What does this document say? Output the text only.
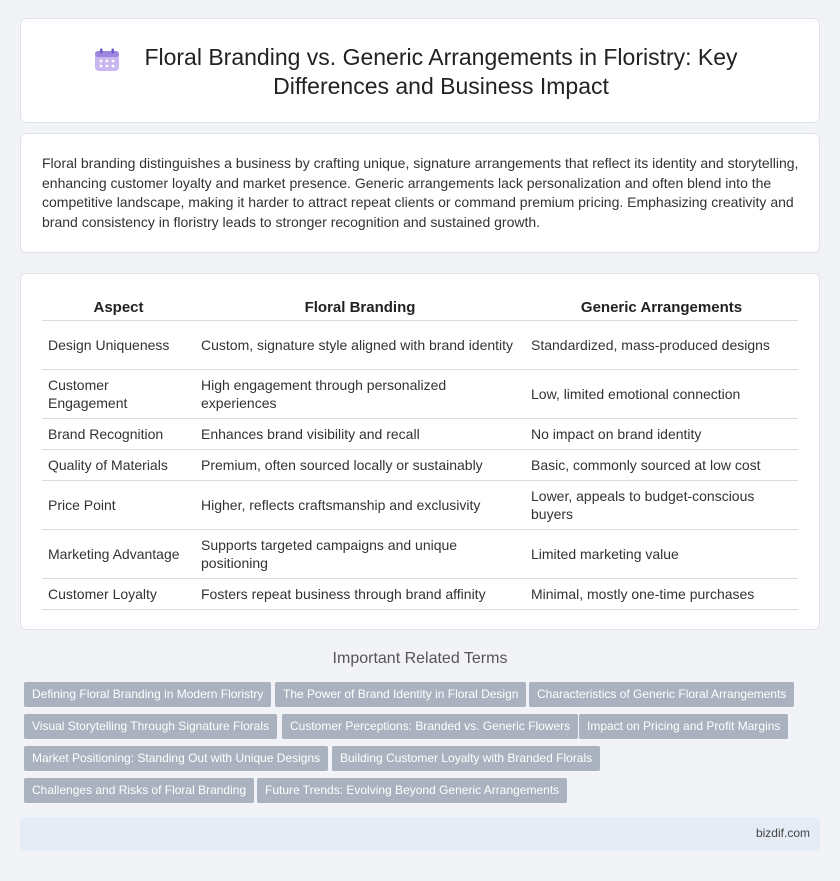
Floral Branding vs. Generic Arrangements in Floristry: Key Differences and Business Impact

Floral branding distinguishes a business by crafting unique, signature arrangements that reflect its identity and storytelling, enhancing customer loyalty and market presence. Generic arrangements lack personalization and often blend into the competitive landscape, making it harder to attract repeat clients or command premium pricing. Emphasizing creativity and brand consistency in floristry leads to stronger recognition and sustained growth.

Aspect	Floral Branding	Generic Arrangements
Design Uniqueness	Custom, signature style aligned with brand identity	Standardized, mass-produced designs
Customer Engagement	High engagement through personalized experiences	Low, limited emotional connection
Brand Recognition	Enhances brand visibility and recall	No impact on brand identity
Quality of Materials	Premium, often sourced locally or sustainably	Basic, commonly sourced at low cost
Price Point	Higher, reflects craftsmanship and exclusivity	Lower, appeals to budget-conscious buyers
Marketing Advantage	Supports targeted campaigns and unique positioning	Limited marketing value
Customer Loyalty	Fosters repeat business through brand affinity	Minimal, mostly one-time purchases
Important Related Terms
Defining Floral Branding in Modern Floristry	The Power of Brand Identity in Floral Design	Characteristics of Generic Floral Arrangements
Visual Storytelling Through Signature Florals	Customer Perceptions: Branded vs. Generic Flowers	Impact on Pricing and Profit Margins
Market Positioning: Standing Out with Unique Designs	Building Customer Loyalty with Branded Florals
Challenges and Risks of Floral Branding	Future Trends: Evolving Beyond Generic Arrangements
bizdif.com
